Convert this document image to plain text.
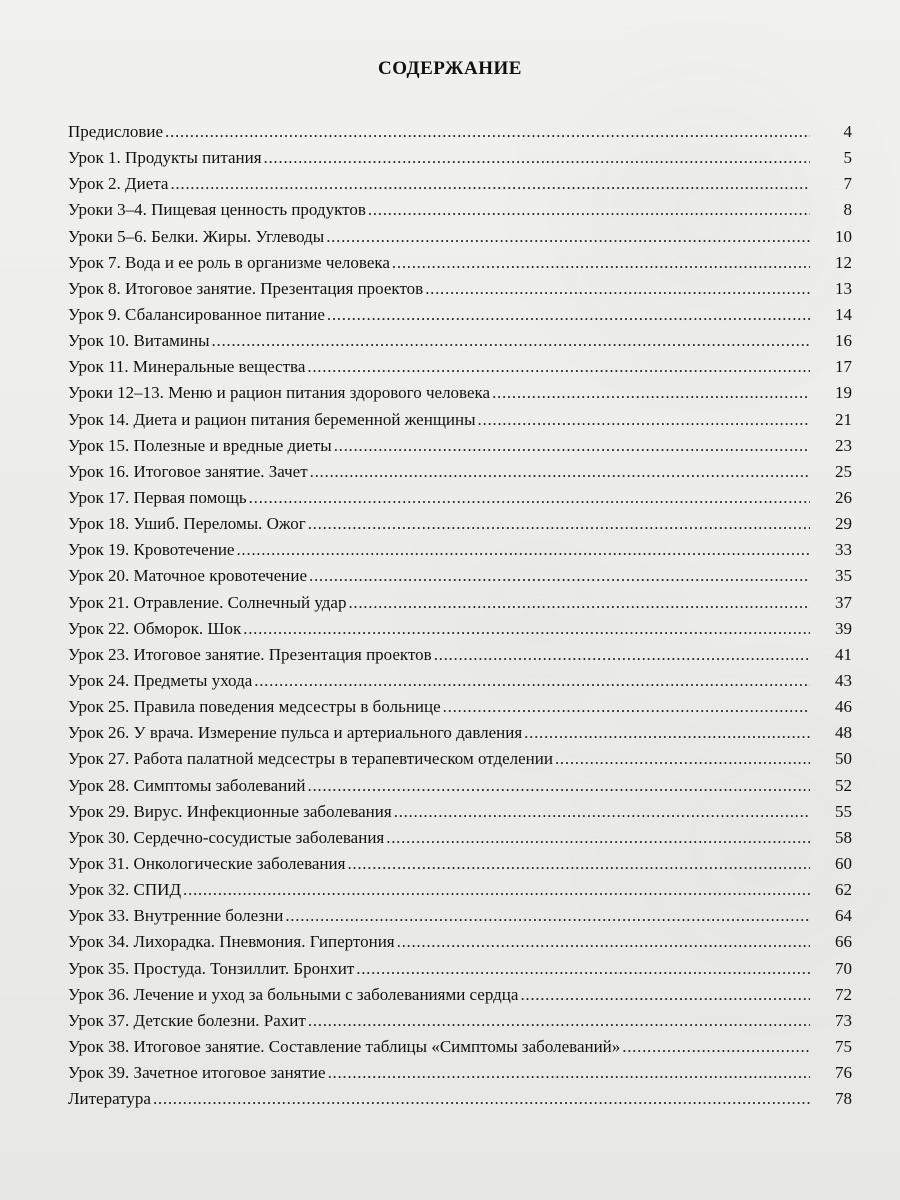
СОДЕРЖАНИЕ
Предисловие .....	4
Урок 1. Продукты питания .....	5
Урок 2. Диета .....	7
Уроки 3–4. Пищевая ценность продуктов .....	8
Уроки 5–6. Белки. Жиры. Углеводы .....	10
Урок 7. Вода и ее роль в организме человека .....	12
Урок 8. Итоговое занятие. Презентация проектов .....	13
Урок 9. Сбалансированное питание .....	14
Урок 10. Витамины .....	16
Урок 11. Минеральные вещества .....	17
Уроки 12–13. Меню и рацион питания здорового человека .....	19
Урок 14. Диета и рацион питания беременной женщины .....	21
Урок 15. Полезные и вредные диеты .....	23
Урок 16. Итоговое занятие. Зачет .....	25
Урок 17. Первая помощь .....	26
Урок 18. Ушиб. Переломы. Ожог .....	29
Урок 19. Кровотечение .....	33
Урок 20. Маточное кровотечение .....	35
Урок 21. Отравление. Солнечный удар .....	37
Урок 22. Обморок. Шок .....	39
Урок 23. Итоговое занятие. Презентация проектов .....	41
Урок 24. Предметы ухода .....	43
Урок 25. Правила поведения медсестры в больнице .....	46
Урок 26. У врача. Измерение пульса и артериального давления .....	48
Урок 27. Работа палатной медсестры в терапевтическом отделении .....	50
Урок 28. Симптомы заболеваний .....	52
Урок 29. Вирус. Инфекционные заболевания .....	55
Урок 30. Сердечно-сосудистые заболевания .....	58
Урок 31. Онкологические заболевания .....	60
Урок 32. СПИД .....	62
Урок 33. Внутренние болезни .....	64
Урок 34. Лихорадка. Пневмония. Гипертония .....	66
Урок 35. Простуда. Тонзиллит. Бронхит .....	70
Урок 36. Лечение и уход за больными с заболеваниями сердца .....	72
Урок 37. Детские болезни. Рахит .....	73
Урок 38. Итоговое занятие. Составление таблицы «Симптомы заболеваний» .....	75
Урок 39. Зачетное итоговое занятие .....	76
Литература .....	78
